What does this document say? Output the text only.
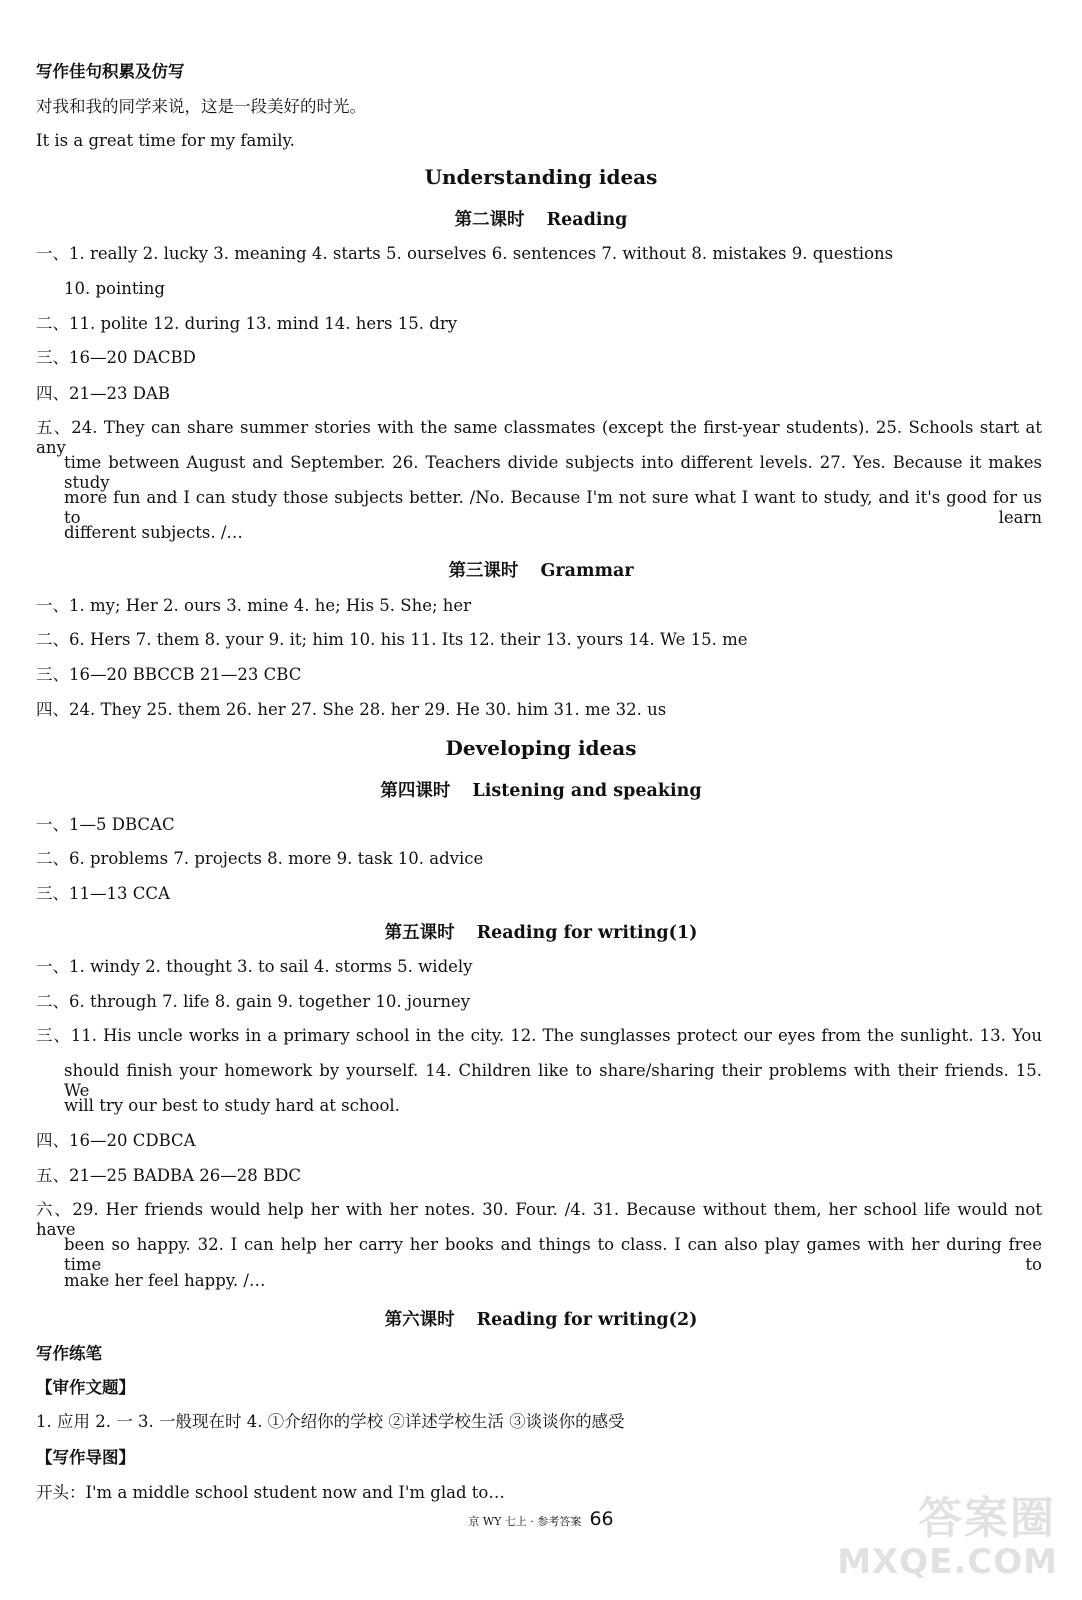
写作佳句积累及仿写
对我和我的同学来说，这是一段美好的时光。
It is a great time for my family.
Understanding ideas
第二课时 Reading
一、1. really 2. lucky 3. meaning 4. starts 5. ourselves 6. sentences 7. without 8. mistakes 9. questions
10. pointing
二、11. polite 12. during 13. mind 14. hers 15. dry
三、16—20 DACBD
四、21—23 DAB
五、24. They can share summer stories with the same classmates (except the first-year students). 25. Schools start at any
time between August and September. 26. Teachers divide subjects into different levels. 27. Yes. Because it makes study
more fun and I can study those subjects better. /No. Because I'm not sure what I want to study, and it's good for us to learn
different subjects. /…
第三课时 Grammar
一、1. my; Her 2. ours 3. mine 4. he; His 5. She; her
二、6. Hers 7. them 8. your 9. it; him 10. his 11. Its 12. their 13. yours 14. We 15. me
三、16—20 BBCCB 21—23 CBC
四、24. They 25. them 26. her 27. She 28. her 29. He 30. him 31. me 32. us
Developing ideas
第四课时 Listening and speaking
一、1—5 DBCAC
二、6. problems 7. projects 8. more 9. task 10. advice
三、11—13 CCA
第五课时 Reading for writing(1)
一、1. windy 2. thought 3. to sail 4. storms 5. widely
二、6. through 7. life 8. gain 9. together 10. journey
三、11. His uncle works in a primary school in the city. 12. The sunglasses protect our eyes from the sunlight. 13. You
should finish your homework by yourself. 14. Children like to share/sharing their problems with their friends. 15. We
will try our best to study hard at school.
四、16—20 CDBCA
五、21—25 BADBA 26—28 BDC
六、29. Her friends would help her with her notes. 30. Four. /4. 31. Because without them, her school life would not have
been so happy. 32. I can help her carry her books and things to class. I can also play games with her during free time to
make her feel happy. /…
第六课时 Reading for writing(2)
写作练笔
【审作文题】
1. 应用 2. 一 3. 一般现在时 4. ①介绍你的学校 ②详述学校生活 ③谈谈你的感受
【写作导图】
开头：I'm a middle school student now and I'm glad to…
京 WY 七上 · 参考答案 66	答案圈
MXQE.COM
